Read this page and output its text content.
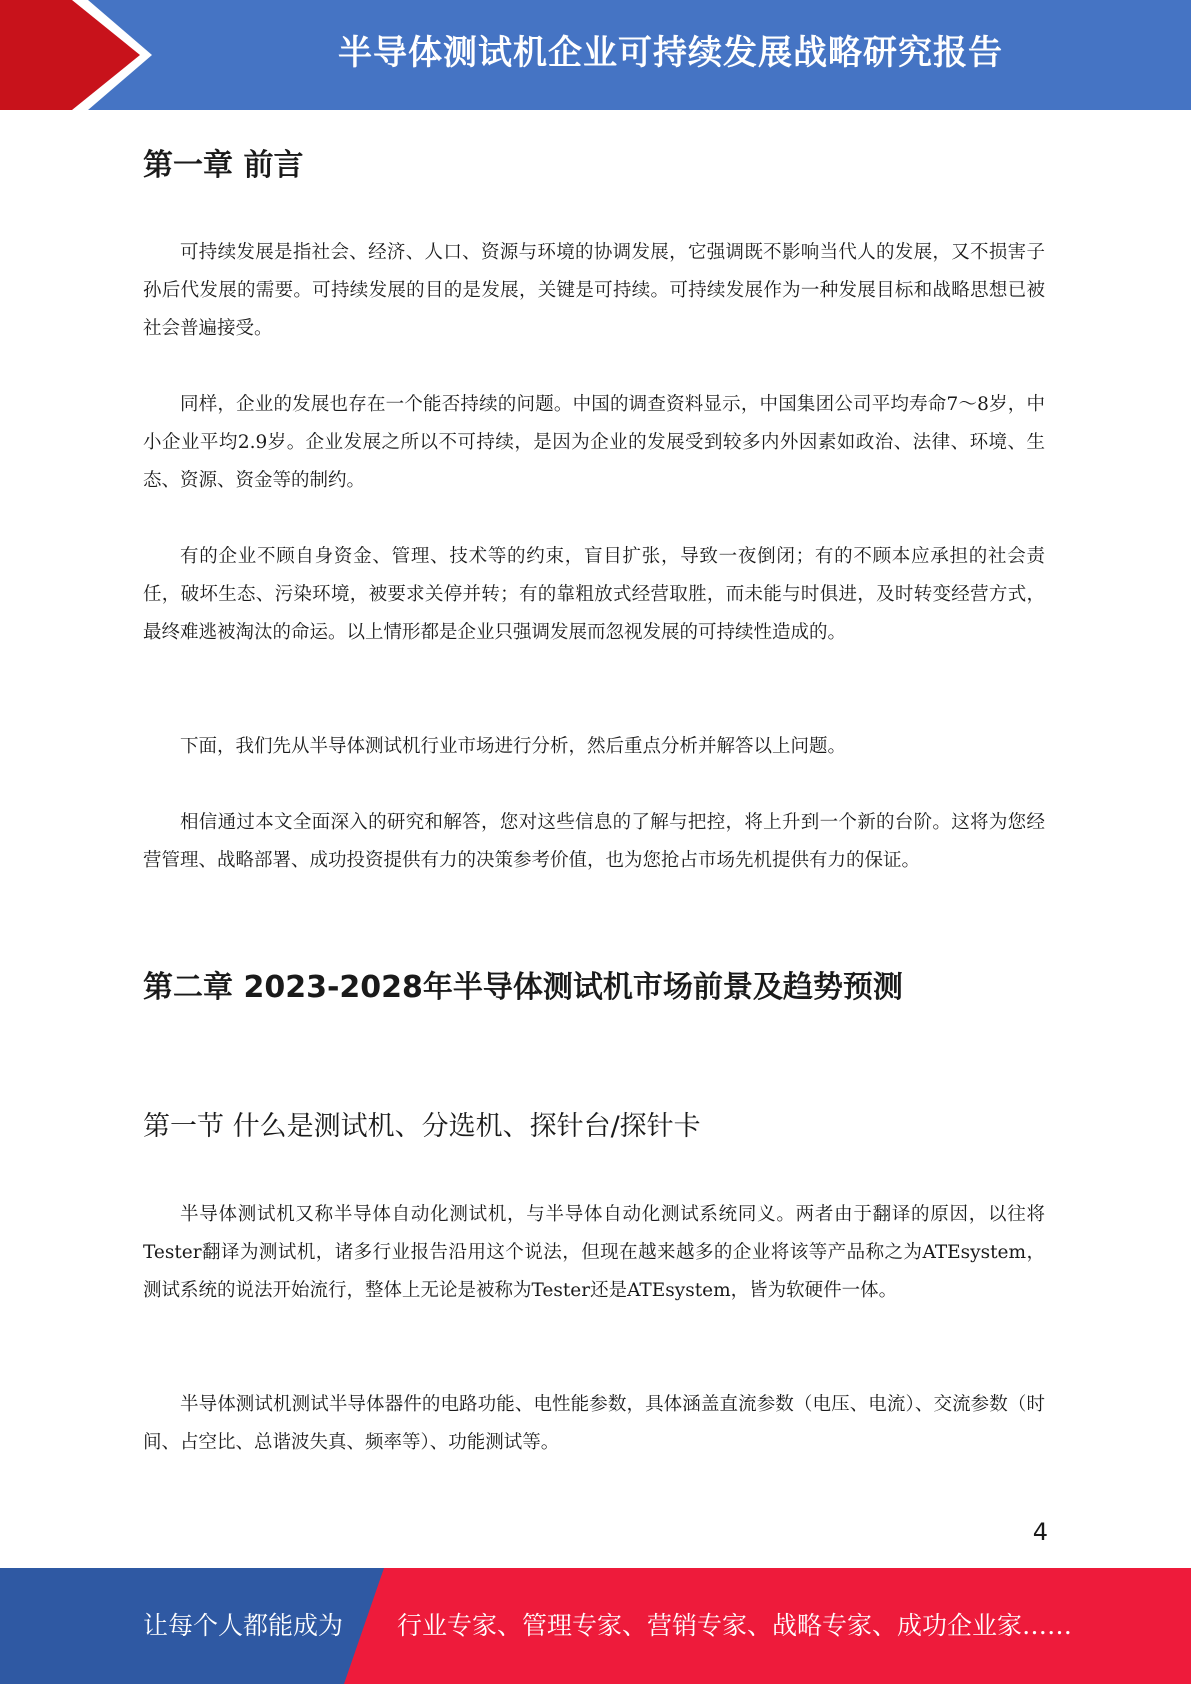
半导体测试机企业可持续发展战略研究报告
第一章 前言

可持续发展是指社会、经济、人口、资源与环境的协调发展，它强调既不影响当代人的发展，又不损害子孙后代发展的需要。可持续发展的目的是发展，关键是可持续。可持续发展作为一种发展目标和战略思想已被社会普遍接受。

同样，企业的发展也存在一个能否持续的问题。中国的调查资料显示，中国集团公司平均寿命7～8岁，中小企业平均2.9岁。企业发展之所以不可持续，是因为企业的发展受到较多内外因素如政治、法律、环境、生态、资源、资金等的制约。

有的企业不顾自身资金、管理、技术等的约束，盲目扩张，导致一夜倒闭；有的不顾本应承担的社会责任，破坏生态、污染环境，被要求关停并转；有的靠粗放式经营取胜，而未能与时俱进，及时转变经营方式，最终难逃被淘汰的命运。以上情形都是企业只强调发展而忽视发展的可持续性造成的。

下面，我们先从半导体测试机行业市场进行分析，然后重点分析并解答以上问题。

相信通过本文全面深入的研究和解答，您对这些信息的了解与把控，将上升到一个新的台阶。这将为您经营管理、战略部署、成功投资提供有力的决策参考价值，也为您抢占市场先机提供有力的保证。

第二章 2023-2028年半导体测试机市场前景及趋势预测
第一节 什么是测试机、分选机、探针台/探针卡

半导体测试机又称半导体自动化测试机，与半导体自动化测试系统同义。两者由于翻译的原因，以往将Tester翻译为测试机，诸多行业报告沿用这个说法，但现在越来越多的企业将该等产品称之为ATEsystem，测试系统的说法开始流行，整体上无论是被称为Tester还是ATEsystem，皆为软硬件一体。

半导体测试机测试半导体器件的电路功能、电性能参数，具体涵盖直流参数（电压、电流）、交流参数（时间、占空比、总谐波失真、频率等）、功能测试等。

4
让每个人都能成为 行业专家、管理专家、营销专家、战略专家、成功企业家……
